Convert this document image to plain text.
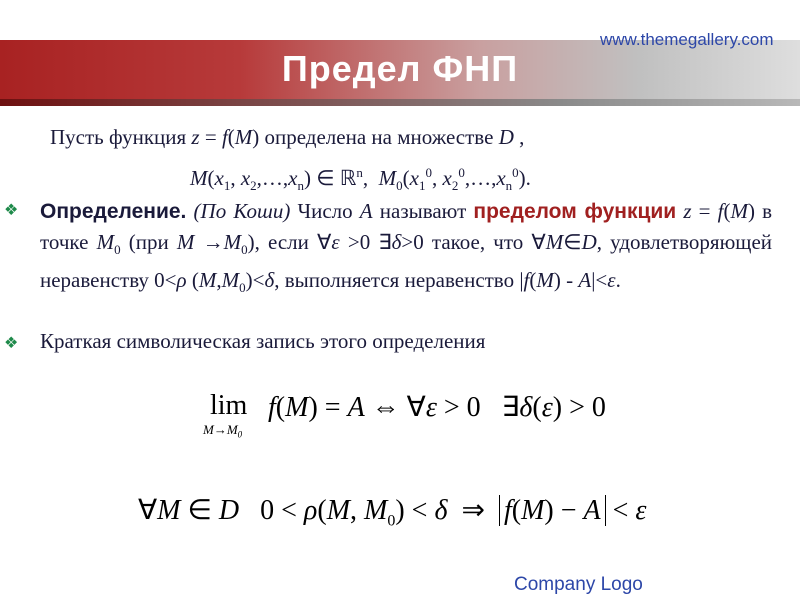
Предел ФНП
www.themegallery.com
Пусть функция z = f(M) определена на множестве D ,
$M(x_1$, $x_2,\dots,x_n$) ∈ ℝ$^n$,  $M_0(x_1^0$, $x_2^0,\dots,x_n^0$).
❖ Определение. (По Коши) Число A называют пределом функции z = f(M) в точке $M_0$ (при $M \to M_0$), если ∀ε >0 ∃δ>0 такое, что ∀M∈D, удовлетворяющей неравенству 0<ρ $(M,M_0)<\delta$, выполняется неравенство |f(M) - A|<ε.
❖ Краткая символическая запись этого определения
lim
$M\to M_0$
f(M) = A ⇔ ∀ε > 0   ∃δ(ε) > 0
∀M ∈ D   0 < ρ(M, $M_0) < \delta$  ⇒  f(M) − A < ε
Company Logo
